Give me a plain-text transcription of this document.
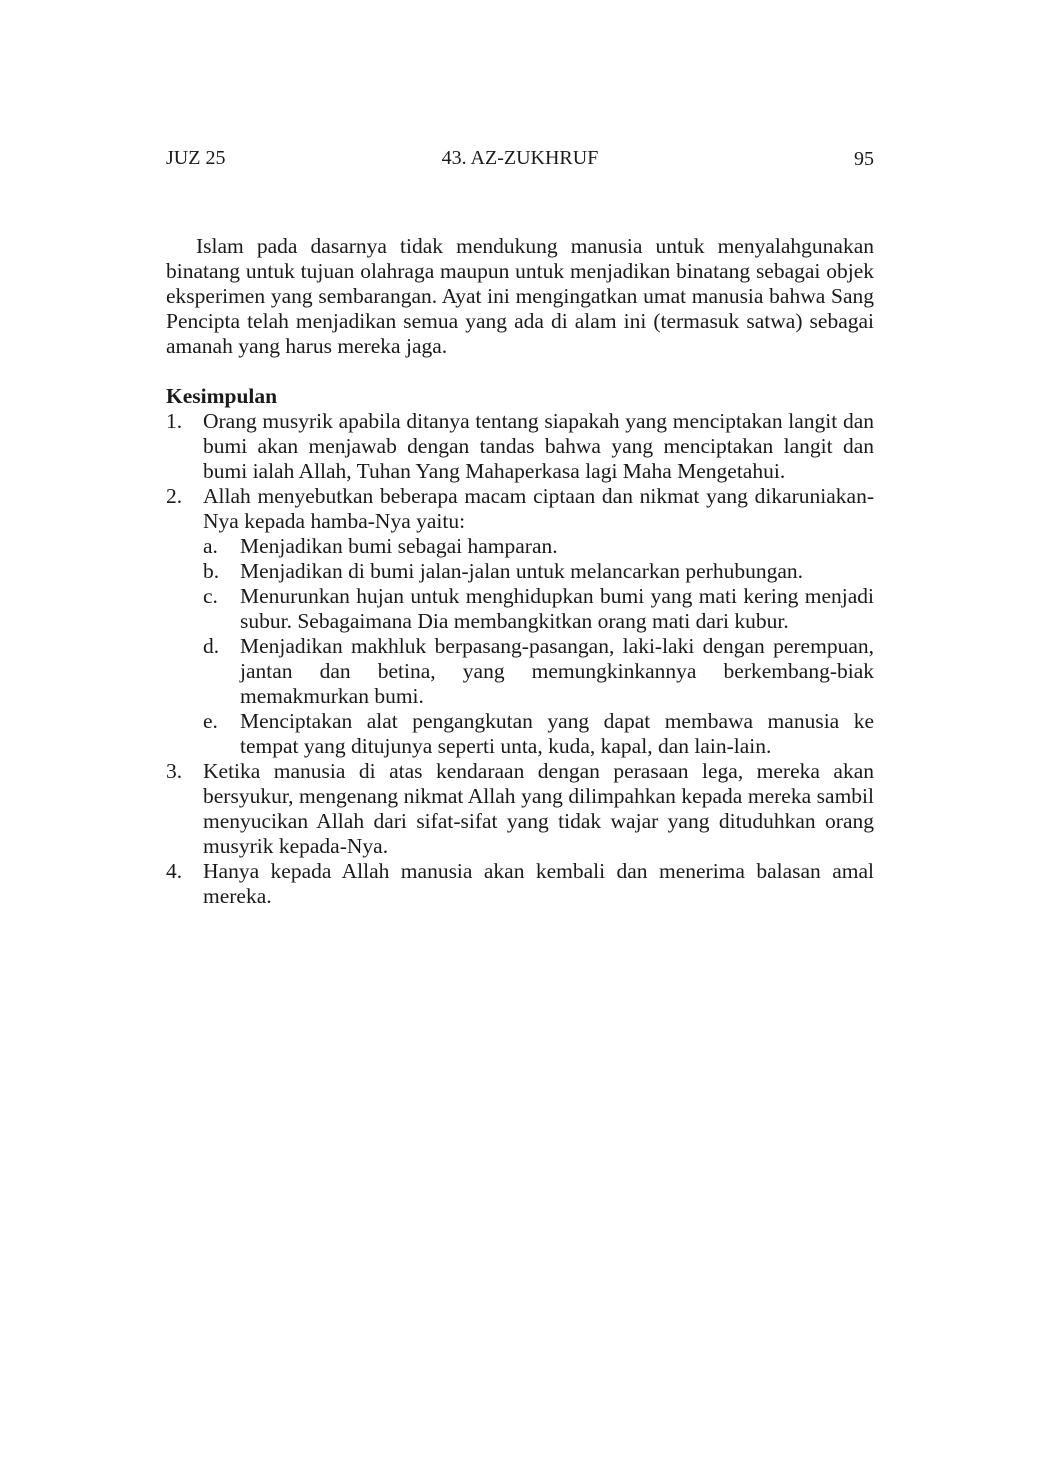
JUZ 25	43. AZ-ZUKHRUF	95

Islam pada dasarnya tidak mendukung manusia untuk menyalahgunakan binatang untuk tujuan olahraga maupun untuk menjadikan binatang sebagai objek eksperimen yang sembarangan. Ayat ini mengingatkan umat manusia bahwa Sang Pencipta telah menjadikan semua yang ada di alam ini (termasuk satwa) sebagai amanah yang harus mereka jaga.

Kesimpulan
1. Orang musyrik apabila ditanya tentang siapakah yang menciptakan langit dan bumi akan menjawab dengan tandas bahwa yang menciptakan langit dan bumi ialah Allah, Tuhan Yang Mahaperkasa lagi Maha Mengetahui.
2. Allah menyebutkan beberapa macam ciptaan dan nikmat yang dikaruniakan-Nya kepada hamba-Nya yaitu:
a.	Menjadikan bumi sebagai hamparan.
b. Menjadikan di bumi jalan-jalan untuk melancarkan perhubungan.
c.	Menurunkan hujan untuk menghidupkan bumi yang mati kering menjadi subur. Sebagaimana Dia membangkitkan orang mati dari kubur.
d. Menjadikan makhluk berpasang-pasangan, laki-laki dengan perempuan, jantan dan betina, yang memungkinkannya berkembang-biak memakmurkan bumi.
e.	Menciptakan alat pengangkutan yang dapat membawa manusia ke tempat yang ditujunya seperti unta, kuda, kapal, dan lain-lain.
3. Ketika manusia di atas kendaraan dengan perasaan lega, mereka akan bersyukur, mengenang nikmat Allah yang dilimpahkan kepada mereka sambil menyucikan Allah dari sifat-sifat yang tidak wajar yang dituduhkan orang musyrik kepada-Nya.
4. Hanya kepada Allah manusia akan kembali dan menerima balasan amal mereka.
